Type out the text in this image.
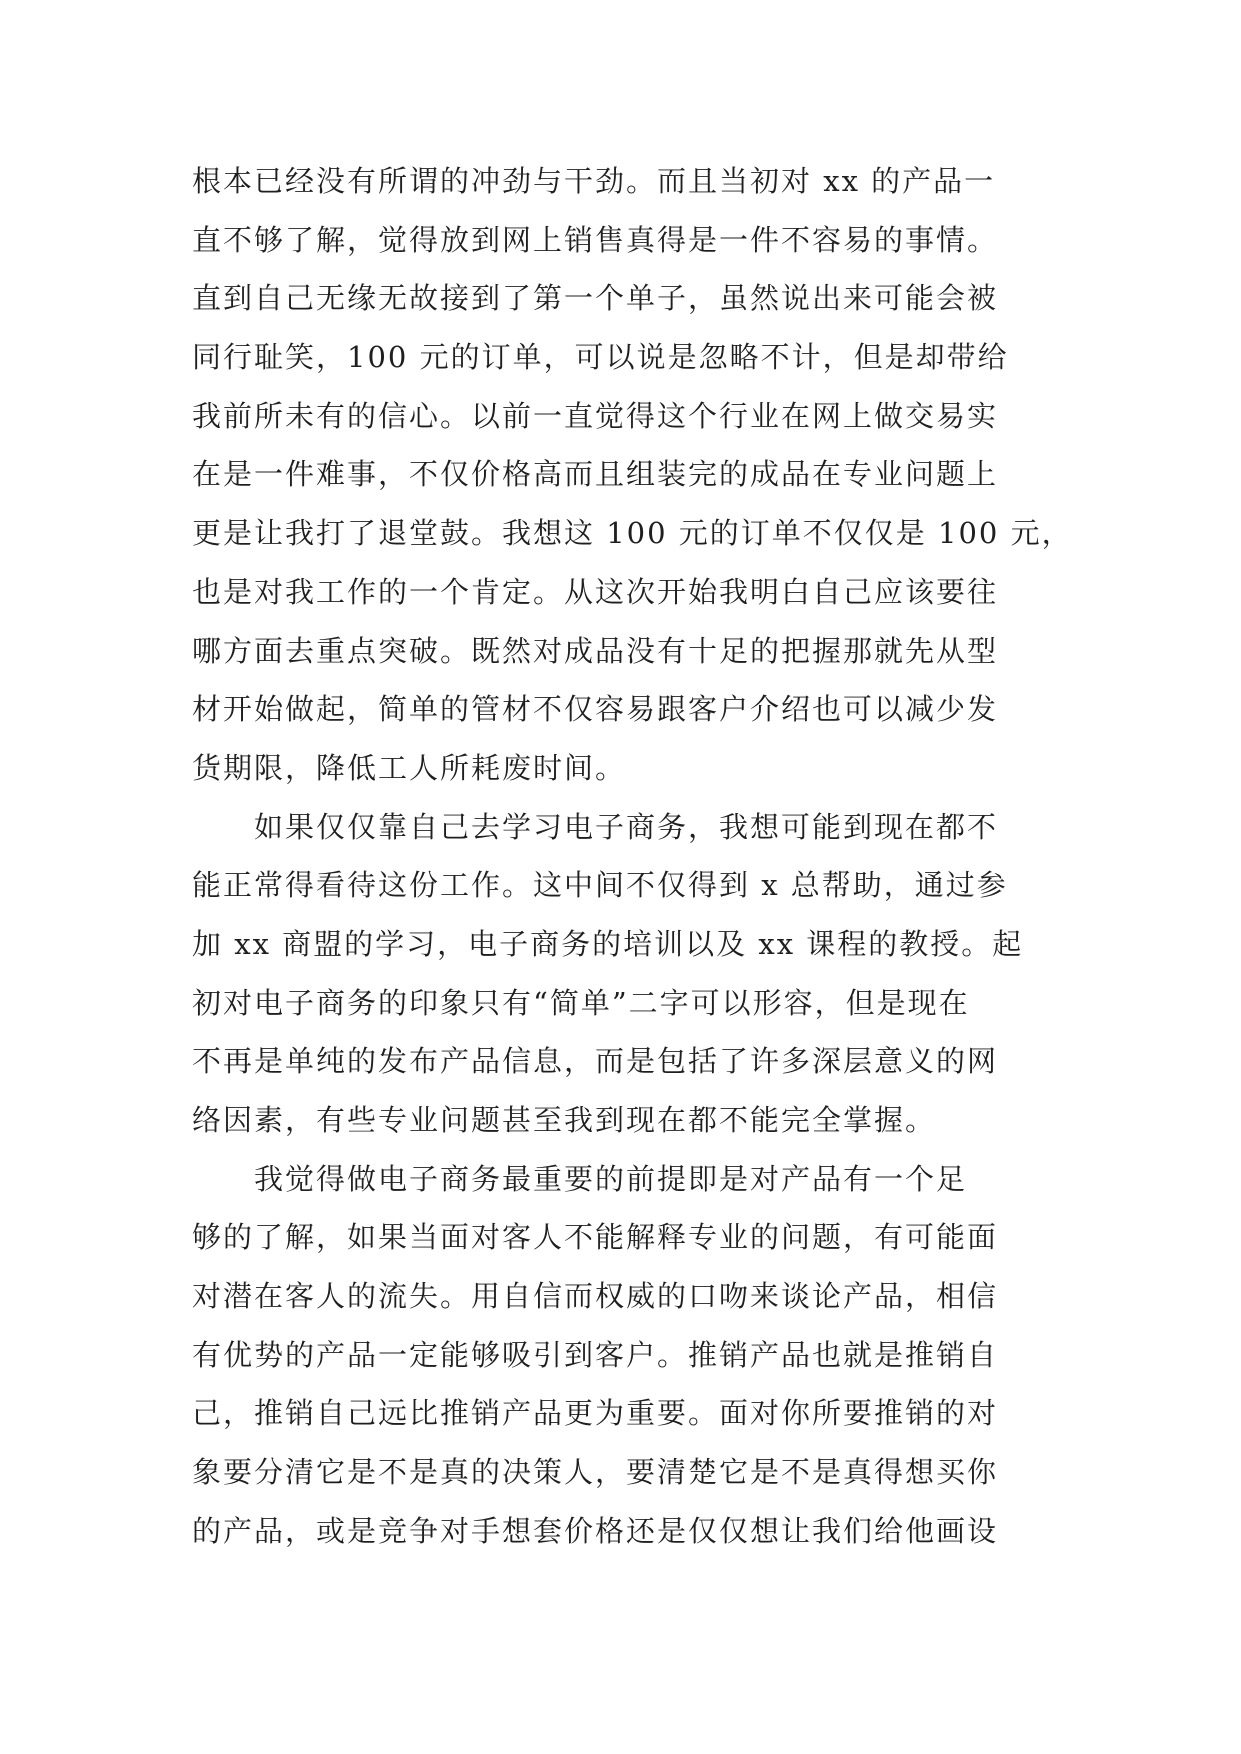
根本已经没有所谓的冲劲与干劲。而且当初对 xx 的产品一
直不够了解，觉得放到网上销售真得是一件不容易的事情。
直到自己无缘无故接到了第一个单子，虽然说出来可能会被
同行耻笑，100 元的订单，可以说是忽略不计，但是却带给
我前所未有的信心。以前一直觉得这个行业在网上做交易实
在是一件难事，不仅价格高而且组装完的成品在专业问题上
更是让我打了退堂鼓。我想这 100 元的订单不仅仅是 100 元，
也是对我工作的一个肯定。从这次开始我明白自己应该要往
哪方面去重点突破。既然对成品没有十足的把握那就先从型
材开始做起，简单的管材不仅容易跟客户介绍也可以减少发
货期限，降低工人所耗废时间。
　　如果仅仅靠自己去学习电子商务，我想可能到现在都不
能正常得看待这份工作。这中间不仅得到 x 总帮助，通过参
加 xx 商盟的学习，电子商务的培训以及 xx 课程的教授。起
初对电子商务的印象只有“简单”二字可以形容，但是现在
不再是单纯的发布产品信息，而是包括了许多深层意义的网
络因素，有些专业问题甚至我到现在都不能完全掌握。
　　我觉得做电子商务最重要的前提即是对产品有一个足
够的了解，如果当面对客人不能解释专业的问题，有可能面
对潜在客人的流失。用自信而权威的口吻来谈论产品，相信
有优势的产品一定能够吸引到客户。推销产品也就是推销自
己，推销自己远比推销产品更为重要。面对你所要推销的对
象要分清它是不是真的决策人，要清楚它是不是真得想买你
的产品，或是竞争对手想套价格还是仅仅想让我们给他画设
